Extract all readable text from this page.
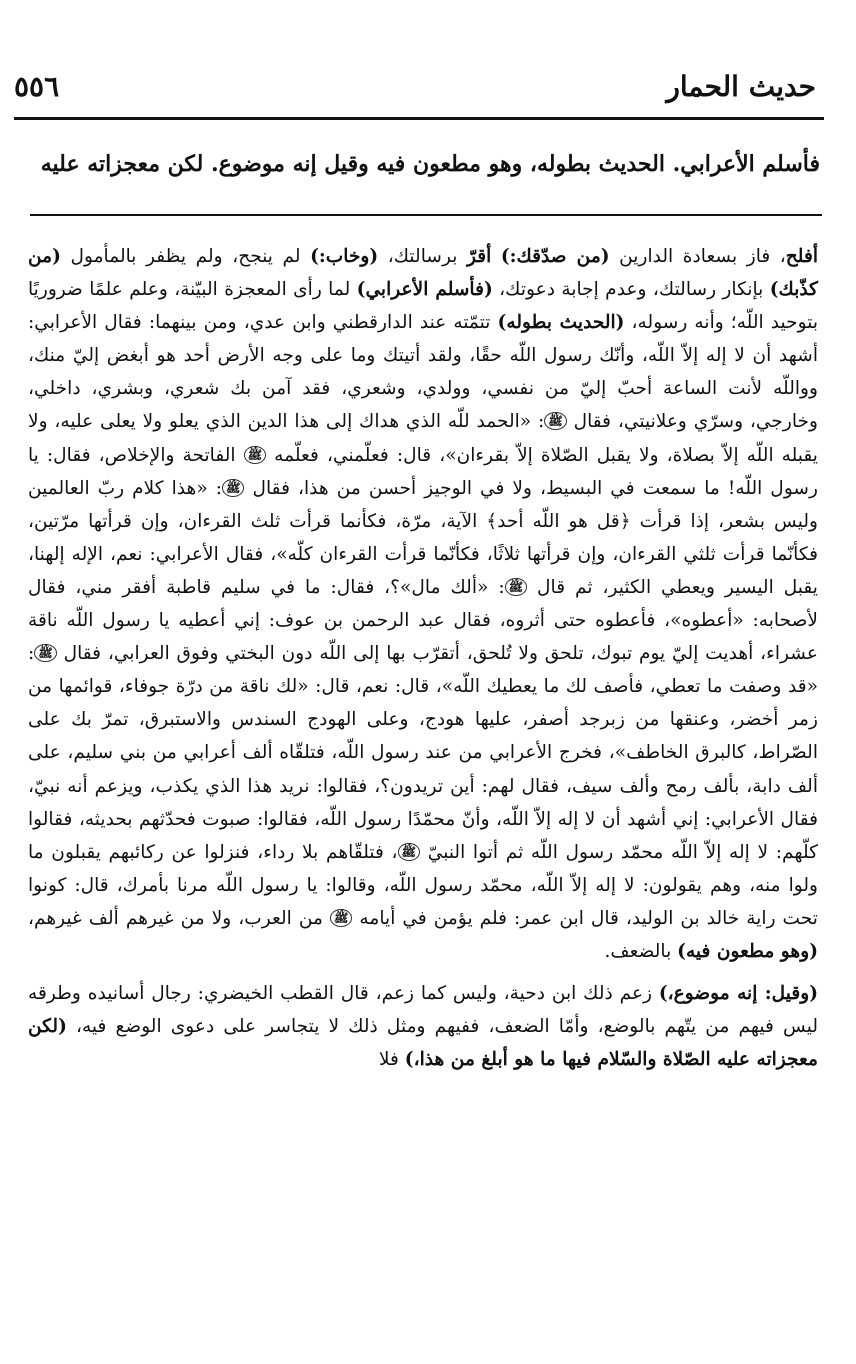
حديث الحمار
٥٥٦
فأسلم الأعرابي. الحديث بطوله، وهو مطعون فيه وقيل إنه موضوع. لكن معجزاته عليه

أفلح، فاز بسعادة الدارين (من صدّقك:) أقرّ برسالتك، (وخاب:) لم ينجح، ولم يظفر بالمأمول (من كذّبك) بإنكار رسالتك، وعدم إجابة دعوتك، (فأسلم الأعرابي) لما رأى المعجزة البيّنة، وعلم علمًا ضروريًا بتوحيد اللّه؛ وأنه رسوله، (الحديث بطوله) تتمّته عند الدارقطني وابن عدي، ومن بينهما: فقال الأعرابي: أشهد أن لا إله إلاّ اللّه، وأنّك رسول اللّه حقًا، ولقد أتيتك وما على وجه الأرض أحد هو أبغض إليّ منك، وواللّه لأنت الساعة أحبّ إليّ من نفسي، وولدي، وشعري، فقد آمن بك شعري، وبشري، داخلي، وخارجي، وسرّي وعلانيتي، فقال ﷺ: «الحمد للّه الذي هداك إلى هذا الدين الذي يعلو ولا يعلى عليه، ولا يقبله اللّه إلاّ بصلاة، ولا يقبل الصّلاة إلاّ بقرءان»، قال: فعلّمني، فعلّمه ﷺ الفاتحة والإخلاص، فقال: يا رسول اللّه! ما سمعت في البسيط، ولا في الوجيز أحسن من هذا، فقال ﷺ: «هذا كلام ربّ العالمين وليس بشعر، إذا قرأت ﴿قل هو اللّه أحد﴾ الآية، مرّة، فكأنما قرأت ثلث القرءان، وإن قرأتها مرّتين، فكأنّما قرأت ثلثي القرءان، وإن قرأتها ثلاثًا، فكأنّما قرأت القرءان كلّه»، فقال الأعرابي: نعم، الإله إلهنا، يقبل اليسير ويعطي الكثير، ثم قال ﷺ: «ألك مال»؟، فقال: ما في سليم قاطبة أفقر مني، فقال لأصحابه: «أعطوه»، فأعطوه حتى أثروه، فقال عبد الرحمن بن عوف: إني أعطيه يا رسول اللّه ناقة عشراء، أهديت إليّ يوم تبوك، تلحق ولا تُلحق، أتقرّب بها إلى اللّه دون البختي وفوق العرابي، فقال ﷺ: «قد وصفت ما تعطي، فأصف لك ما يعطيك اللّه»، قال: نعم، قال: «لك ناقة من درّة جوفاء، قوائمها من زمر أخضر، وعنقها من زبرجد أصفر، عليها هودج، وعلى الهودج السندس والاستبرق، تمرّ بك على الصّراط، كالبرق الخاطف»، فخرج الأعرابي من عند رسول اللّه، فتلقّاه ألف أعرابي من بني سليم، على ألف دابة، بألف رمح وألف سيف، فقال لهم: أين تريدون؟، فقالوا: نريد هذا الذي يكذب، ويزعم أنه نبيّ، فقال الأعرابي: إني أشهد أن لا إله إلاّ اللّه، وأنّ محمّدًا رسول اللّه، فقالوا: صبوت فحدّثهم بحديثه، فقالوا كلّهم: لا إله إلاّ اللّه محمّد رسول اللّه ثم أتوا النبيّ ﷺ، فتلقّاهم بلا رداء، فنزلوا عن ركائبهم يقبلون ما ولوا منه، وهم يقولون: لا إله إلاّ اللّه، محمّد رسول اللّه، وقالوا: يا رسول اللّه مرنا بأمرك، قال: كونوا تحت راية خالد بن الوليد، قال ابن عمر: فلم يؤمن في أيامه ﷺ من العرب، ولا من غيرهم ألف غيرهم، (وهو مطعون فيه) بالضعف.

(وقيل: إنه موضوع،) زعم ذلك ابن دحية، وليس كما زعم، قال القطب الخيضري: رجال أسانيده وطرقه ليس فيهم من يتّهم بالوضع، وأمّا الضعف، ففيهم ومثل ذلك لا يتجاسر على دعوى الوضع فيه، (لكن معجزاته عليه الصّلاة والسّلام فيها ما هو أبلغ من هذا،) فلا
